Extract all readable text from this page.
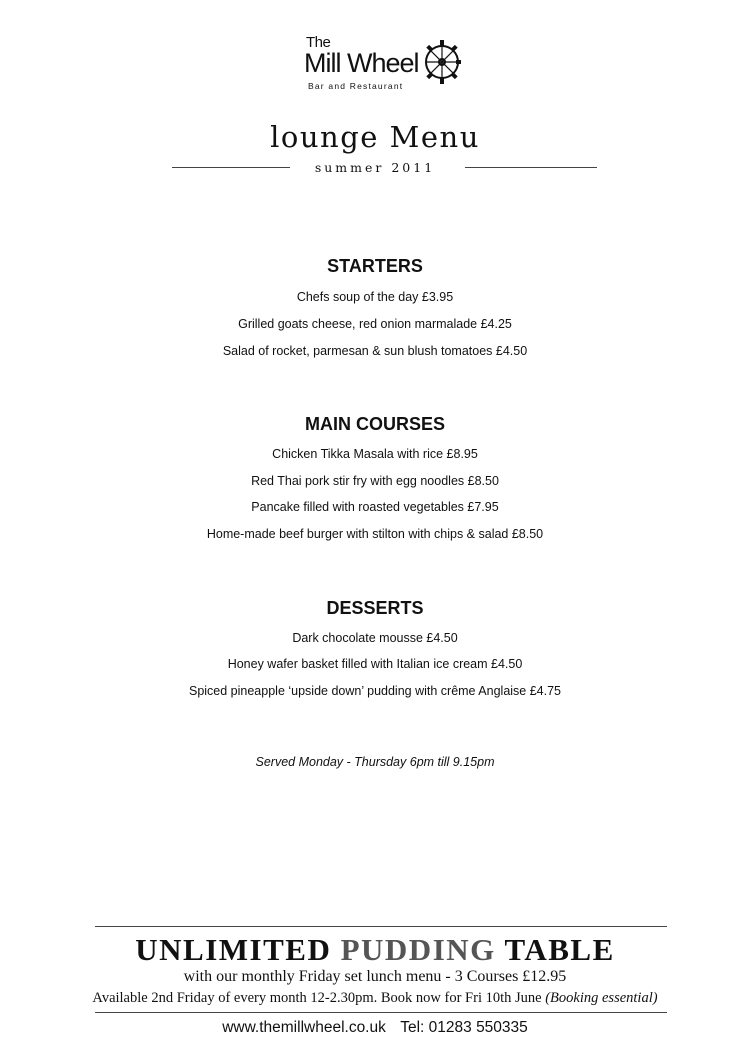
The
Mill Wheel
Bar and Restaurant
lounge Menu
summer 2011
STARTERS
Chefs soup of the day £3.95
Grilled goats cheese, red onion marmalade £4.25
Salad of rocket, parmesan & sun blush tomatoes £4.50
MAIN COURSES
Chicken Tikka Masala with rice £8.95
Red Thai pork stir fry with egg noodles £8.50
Pancake filled with roasted vegetables £7.95
Home-made beef burger with stilton with chips & salad £8.50
DESSERTS
Dark chocolate mousse £4.50
Honey wafer basket filled with Italian ice cream £4.50
Spiced pineapple ‘upside down’ pudding with crême Anglaise £4.75
Served Monday - Thursday 6pm till 9.15pm
UNLIMITED PUDDING TABLE
with our monthly Friday set lunch menu - 3 Courses £12.95
Available 2nd Friday of every month 12-2.30pm. Book now for Fri 10th June (Booking essential)
www.themillwheel.co.uk Tel: 01283 550335
